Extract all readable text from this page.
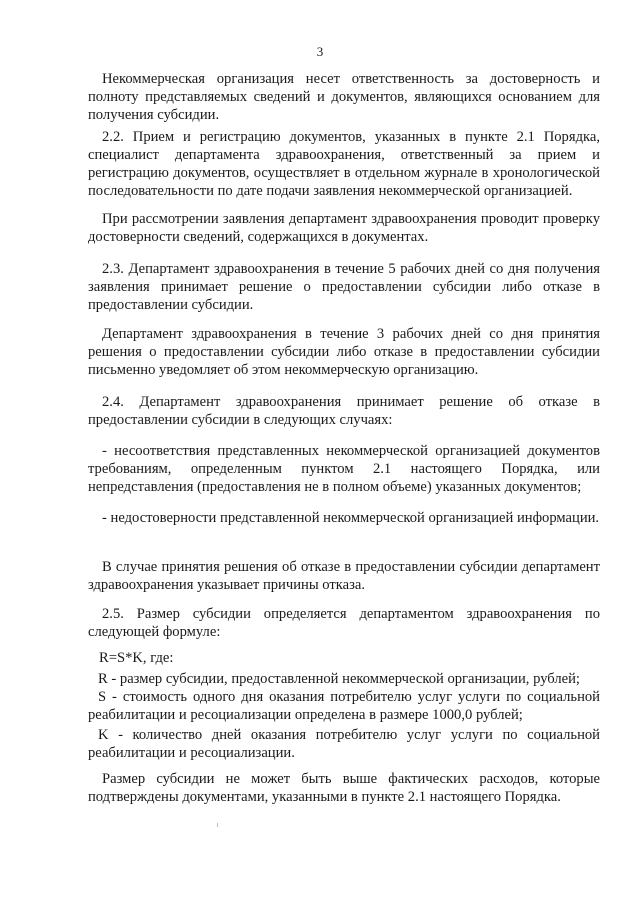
3
Некоммерческая организация несет ответственность за достоверность и полноту представляемых сведений и документов, являющихся основанием для получения субсидии.
2.2. Прием и регистрацию документов, указанных в пункте 2.1 Порядка, специалист департамента здравоохранения, ответственный за прием и регистрацию документов, осуществляет в отдельном журнале в хронологической последовательности по дате подачи заявления некоммерческой организацией.
При рассмотрении заявления департамент здравоохранения проводит проверку достоверности сведений, содержащихся в документах.
2.3. Департамент здравоохранения в течение 5 рабочих дней со дня получения заявления принимает решение о предоставлении субсидии либо отказе в предоставлении субсидии.
Департамент здравоохранения в течение 3 рабочих дней со дня принятия решения о предоставлении субсидии либо отказе в предоставлении субсидии письменно уведомляет об этом некоммерческую организацию.
2.4. Департамент здравоохранения принимает решение об отказе в предоставлении субсидии в следующих случаях:
- несоответствия представленных некоммерческой организацией документов требованиям, определенным пунктом 2.1 настоящего Порядка, или непредставления (предоставления не в полном объеме) указанных документов;
- недостоверности представленной некоммерческой организацией информации.
В случае принятия решения об отказе в предоставлении субсидии департамент здравоохранения указывает причины отказа.
2.5. Размер субсидии определяется департаментом здравоохранения по следующей формуле:
R=S*K, где:
R - размер субсидии, предоставленной некоммерческой организации, рублей;
S - стоимость одного дня оказания потребителю услуг услуги по социальной реабилитации и ресоциализации определена в размере 1000,0 рублей;
K - количество дней оказания потребителю услуг услуги по социальной реабилитации и ресоциализации.
Размер субсидии не может быть выше фактических расходов, которые подтверждены документами, указанными в пункте 2.1 настоящего Порядка.
